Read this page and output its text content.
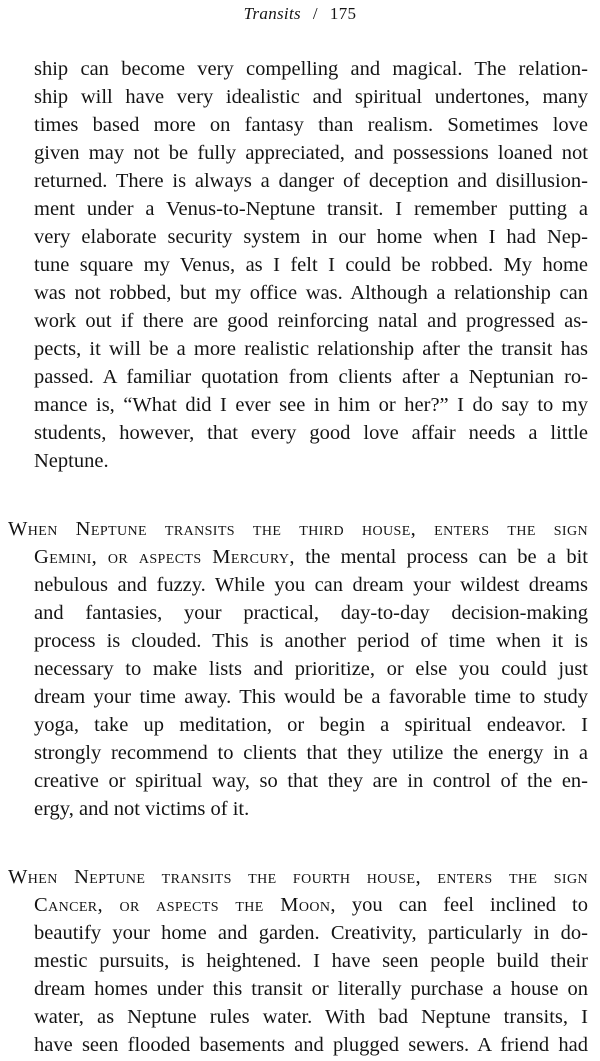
Transits / 175
ship can become very compelling and magical. The relation-
ship will have very idealistic and spiritual undertones, many
times based more on fantasy than realism. Sometimes love
given may not be fully appreciated, and possessions loaned not
returned. There is always a danger of deception and disillusion-
ment under a Venus-to-Neptune transit. I remember putting a
very elaborate security system in our home when I had Nep-
tune square my Venus, as I felt I could be robbed. My home
was not robbed, but my office was. Although a relationship can
work out if there are good reinforcing natal and progressed as-
pects, it will be a more realistic relationship after the transit has
passed. A familiar quotation from clients after a Neptunian ro-
mance is, “What did I ever see in him or her?” I do say to my
students, however, that every good love affair needs a little
Neptune.
When Neptune transits the third house, enters the sign
Gemini, or aspects Mercury, the mental process can be a bit
nebulous and fuzzy. While you can dream your wildest dreams
and fantasies, your practical, day-to-day decision-making
process is clouded. This is another period of time when it is
necessary to make lists and prioritize, or else you could just
dream your time away. This would be a favorable time to study
yoga, take up meditation, or begin a spiritual endeavor. I
strongly recommend to clients that they utilize the energy in a
creative or spiritual way, so that they are in control of the en-
ergy, and not victims of it.
When Neptune transits the fourth house, enters the sign
Cancer, or aspects the Moon, you can feel inclined to
beautify your home and garden. Creativity, particularly in do-
mestic pursuits, is heightened. I have seen people build their
dream homes under this transit or literally purchase a house on
water, as Neptune rules water. With bad Neptune transits, I
have seen flooded basements and plugged sewers. A friend had
